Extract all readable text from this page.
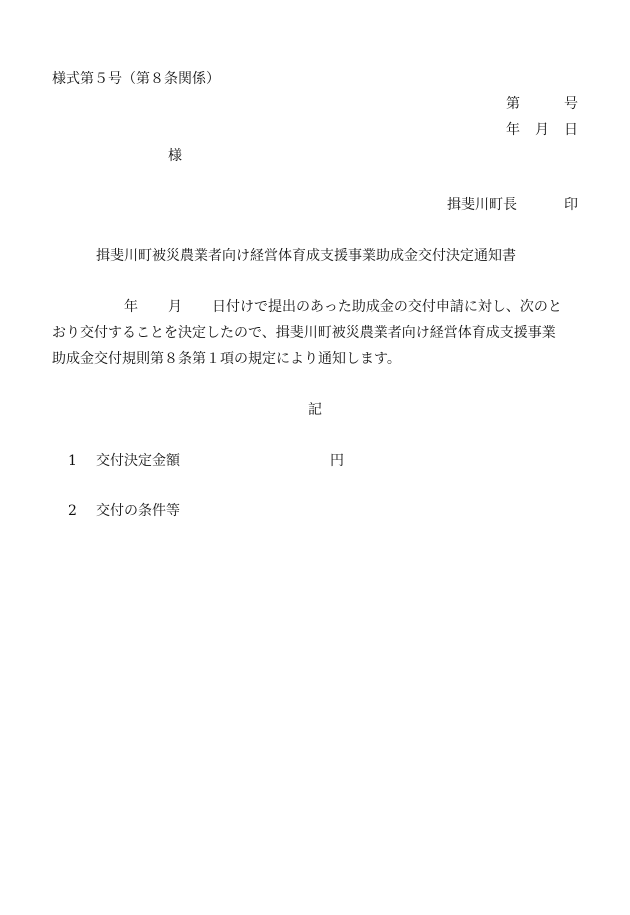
様式第５号（第８条関係）
第	号
年 月 日
様
揖斐川町長	印
揖斐川町被災農業者向け経営体育成支援事業助成金交付決定通知書
年 月 日付けで提出のあった助成金の交付申請に対し、次のと
おり交付することを決定したので、揖斐川町被災農業者向け経営体育成支援事業
助成金交付規則第８条第１項の規定により通知します。
記
1 交付決定金額	円
2 交付の条件等
